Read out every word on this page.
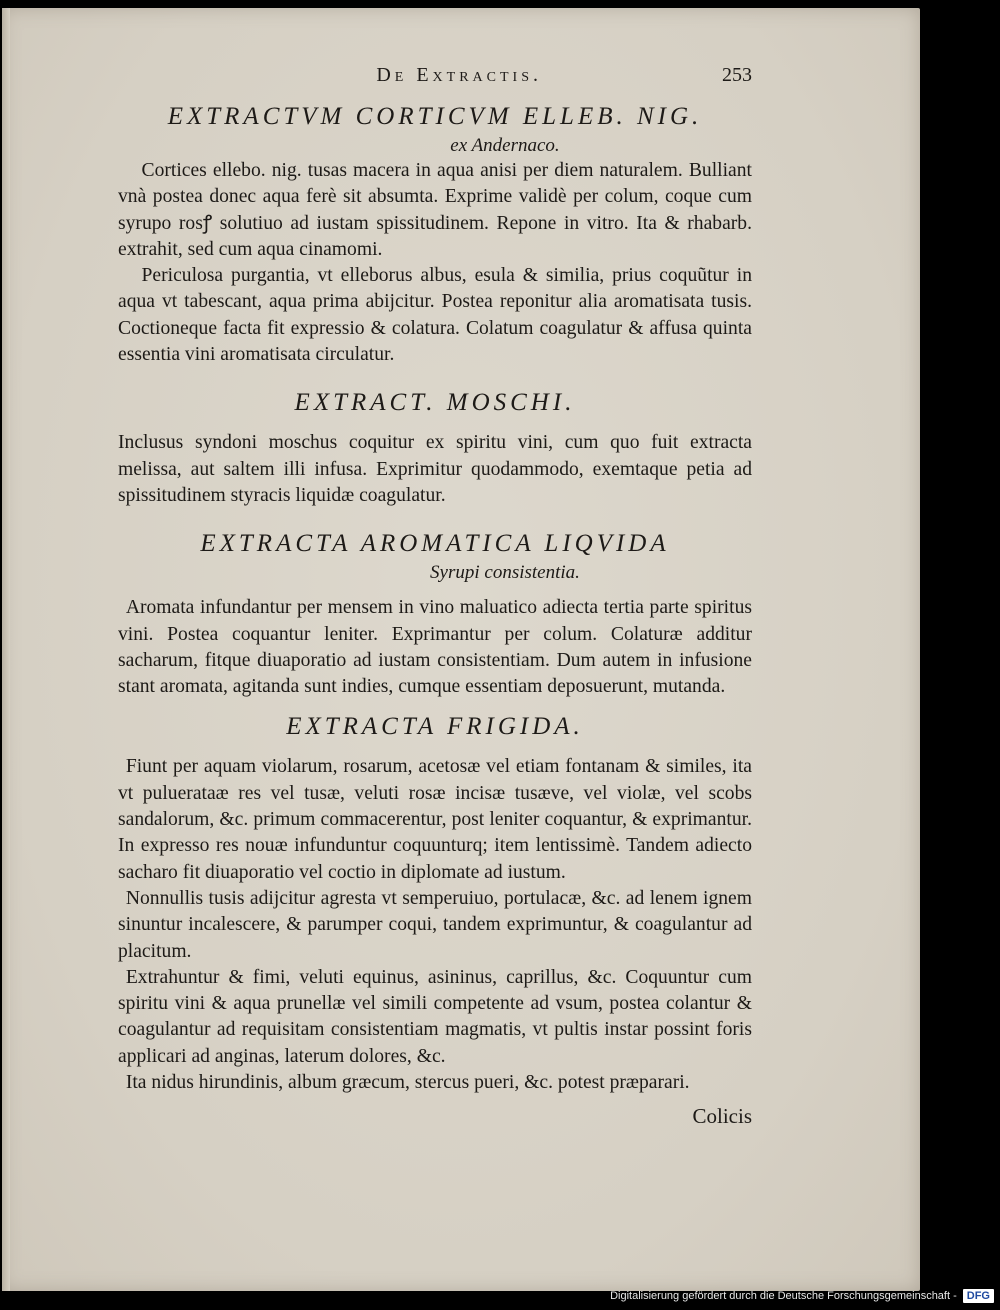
De Extractis.	253
EXTRACTVM CORTICVM ELLEB. NIG.
ex Andernaco.

Cortices ellebo. nig. tusas macera in aqua anisi per diem naturalem. Bulliant vnà postea donec aqua ferè sit absumta. Exprime validè per colum, coque cum syrupo rosꝭ solutiuo ad iustam spissitudinem. Repone in vitro. Ita & rhabarb. extrahit, sed cum aqua cinamomi.

Periculosa purgantia, vt elleborus albus, esula & similia, prius coquũtur in aqua vt tabescant, aqua prima abijcitur. Postea reponitur alia aromatisata tusis. Coctioneque facta fit expressio & colatura. Colatum coagulatur & affusa quinta essentia vini aromatisata circulatur.

EXTRACT. MOSCHI.

Inclusus syndoni moschus coquitur ex spiritu vini, cum quo fuit extracta melissa, aut saltem illi infusa. Exprimitur quodammodo, exemtaque petia ad spissitudinem styracis liquidæ coagulatur.

EXTRACTA AROMATICA LIQVIDA
Syrupi consistentia.

Aromata infundantur per mensem in vino maluatico adiecta tertia parte spiritus vini. Postea coquantur leniter. Exprimantur per colum. Colaturæ additur sacharum, fitque diuaporatio ad iustam consistentiam. Dum autem in infusione stant aromata, agitanda sunt indies, cumque essentiam deposuerunt, mutanda.

EXTRACTA FRIGIDA.

Fiunt per aquam violarum, rosarum, acetosæ vel etiam fontanam & similes, ita vt puluerataæ res vel tusæ, veluti rosæ incisæ tusæve, vel violæ, vel scobs sandalorum, &c. primum commacerentur, post leniter coquantur, & exprimantur. In expresso res nouæ infunduntur coquunturq; item lentissimè. Tandem adiecto sacharo fit diuaporatio vel coctio in diplomate ad iustum.

Nonnullis tusis adijcitur agresta vt semperuiuo, portulacæ, &c. ad lenem ignem sinuntur incalescere, & parumper coqui, tandem exprimuntur, & coagulantur ad placitum.

Extrahuntur & fimi, veluti equinus, asininus, caprillus, &c. Coquuntur cum spiritu vini & aqua prunellæ vel simili competente ad vsum, postea colantur & coagulantur ad requisitam consistentiam magmatis, vt pultis instar possint foris applicari ad anginas, laterum dolores, &c.

Ita nidus hirundinis, album græcum, stercus pueri, &c. potest præparari.

Colicis
Digitalisierung gefördert durch die Deutsche Forschungsgemeinschaft - DFG
